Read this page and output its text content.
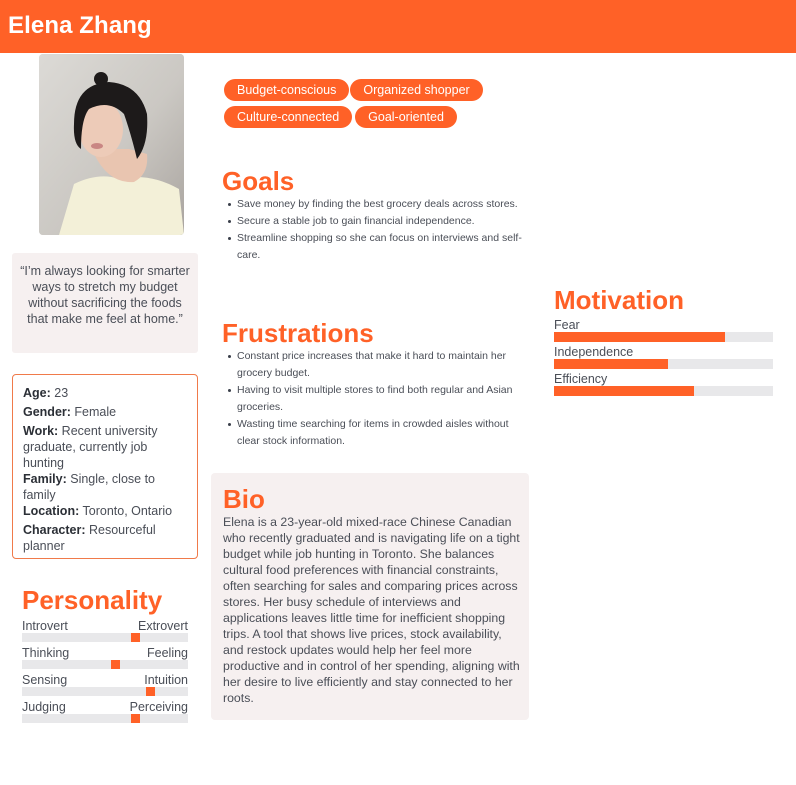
Elena Zhang
“I’m always looking for smarter ways to stretch my budget without sacrificing the foods that make me feel at home.”
Age: 23
Gender: Female
Work: Recent university graduate, currently job hunting
Family: Single, close to family
Location: Toronto, Ontario
Character: Resourceful planner
Personality
Introvert	Extrovert
Thinking	Feeling
Sensing	Intuition
Judging	Perceiving
Budget-conscious Organized shopper
Culture-connected Goal-oriented
Goals
Save money by finding the best grocery deals across stores.
Secure a stable job to gain financial independence.
Streamline shopping so she can focus on interviews and self-care.
Frustrations
Constant price increases that make it hard to maintain her grocery budget.
Having to visit multiple stores to find both regular and Asian groceries.
Wasting time searching for items in crowded aisles without clear stock information.
Bio

Elena is a 23-year-old mixed-race Chinese Canadian who recently graduated and is navigating life on a tight budget while job hunting in Toronto. She balances cultural food preferences with financial constraints, often searching for sales and comparing prices across stores. Her busy schedule of interviews and applications leaves little time for inefficient shopping trips. A tool that shows live prices, stock availability, and restock updates would help her feel more productive and in control of her spending, aligning with her desire to live efficiently and stay connected to her roots.

Motivation
Fear
Independence
Efficiency
